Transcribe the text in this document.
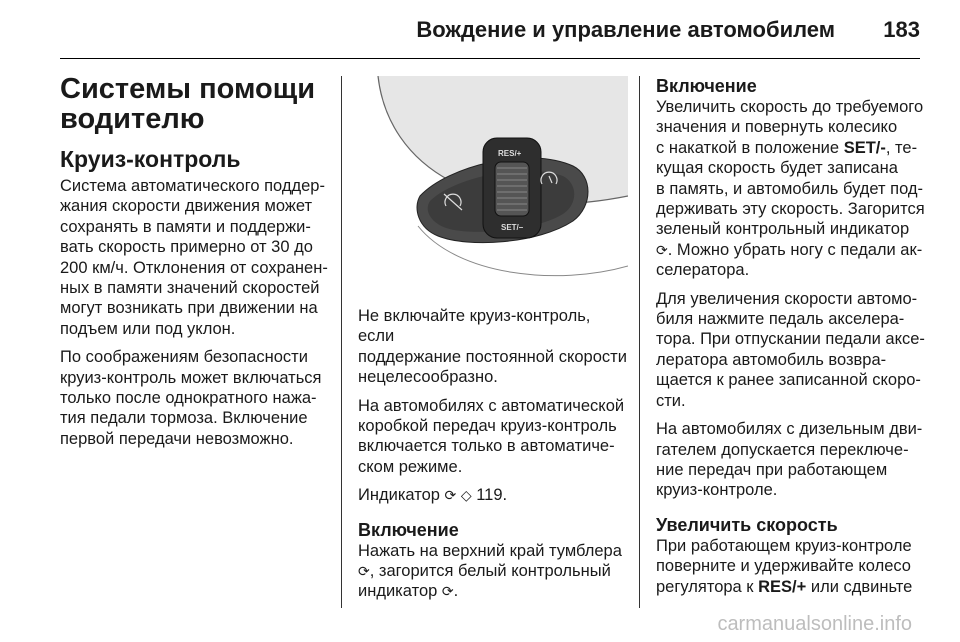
Вождение и управление автомобилем 183
Системы помощи
водителю
Круиз-контроль

Система автоматического поддер-
жания скорости движения может
сохранять в памяти и поддержи-
вать скорость примерно от 30 до
200 км/ч. Отклонения от сохранен-
ных в памяти значений скоростей
могут возникать при движении на
подъем или под уклон.

По соображениям безопасности
круиз-контроль может включаться
только после однократного нажа-
тия педали тормоза. Включение
первой передачи невозможно.

RES/+
SET/–

Не включайте круиз-контроль, если
поддержание постоянной скорости
нецелесообразно.

На автомобилях с автоматической
коробкой передач круиз-контроль
включается только в автоматиче-
ском режиме.

Индикатор ⟳ ◇ 119.

Включение

Нажать на верхний край тумблера
⟳, загорится белый контрольный
индикатор ⟳.

Включение

Увеличить скорость до требуемого
значения и повернуть колесико
с накаткой в положение SET/-, те-
кущая скорость будет записана
в память, и автомобиль будет под-
держивать эту скорость. Загорится
зеленый контрольный индикатор
⟳. Можно убрать ногу с педали ак-
селератора.

Для увеличения скорости автомо-
биля нажмите педаль акселера-
тора. При отпускании педали аксе-
лератора автомобиль возвра-
щается к ранее записанной скоро-
сти.

На автомобилях с дизельным дви-
гателем допускается переключе-
ние передач при работающем
круиз-контроле.

Увеличить скорость

При работающем круиз-контроле
поверните и удерживайте колесо
регулятора к RES/+ или сдвиньте

carmanualsonline.info
